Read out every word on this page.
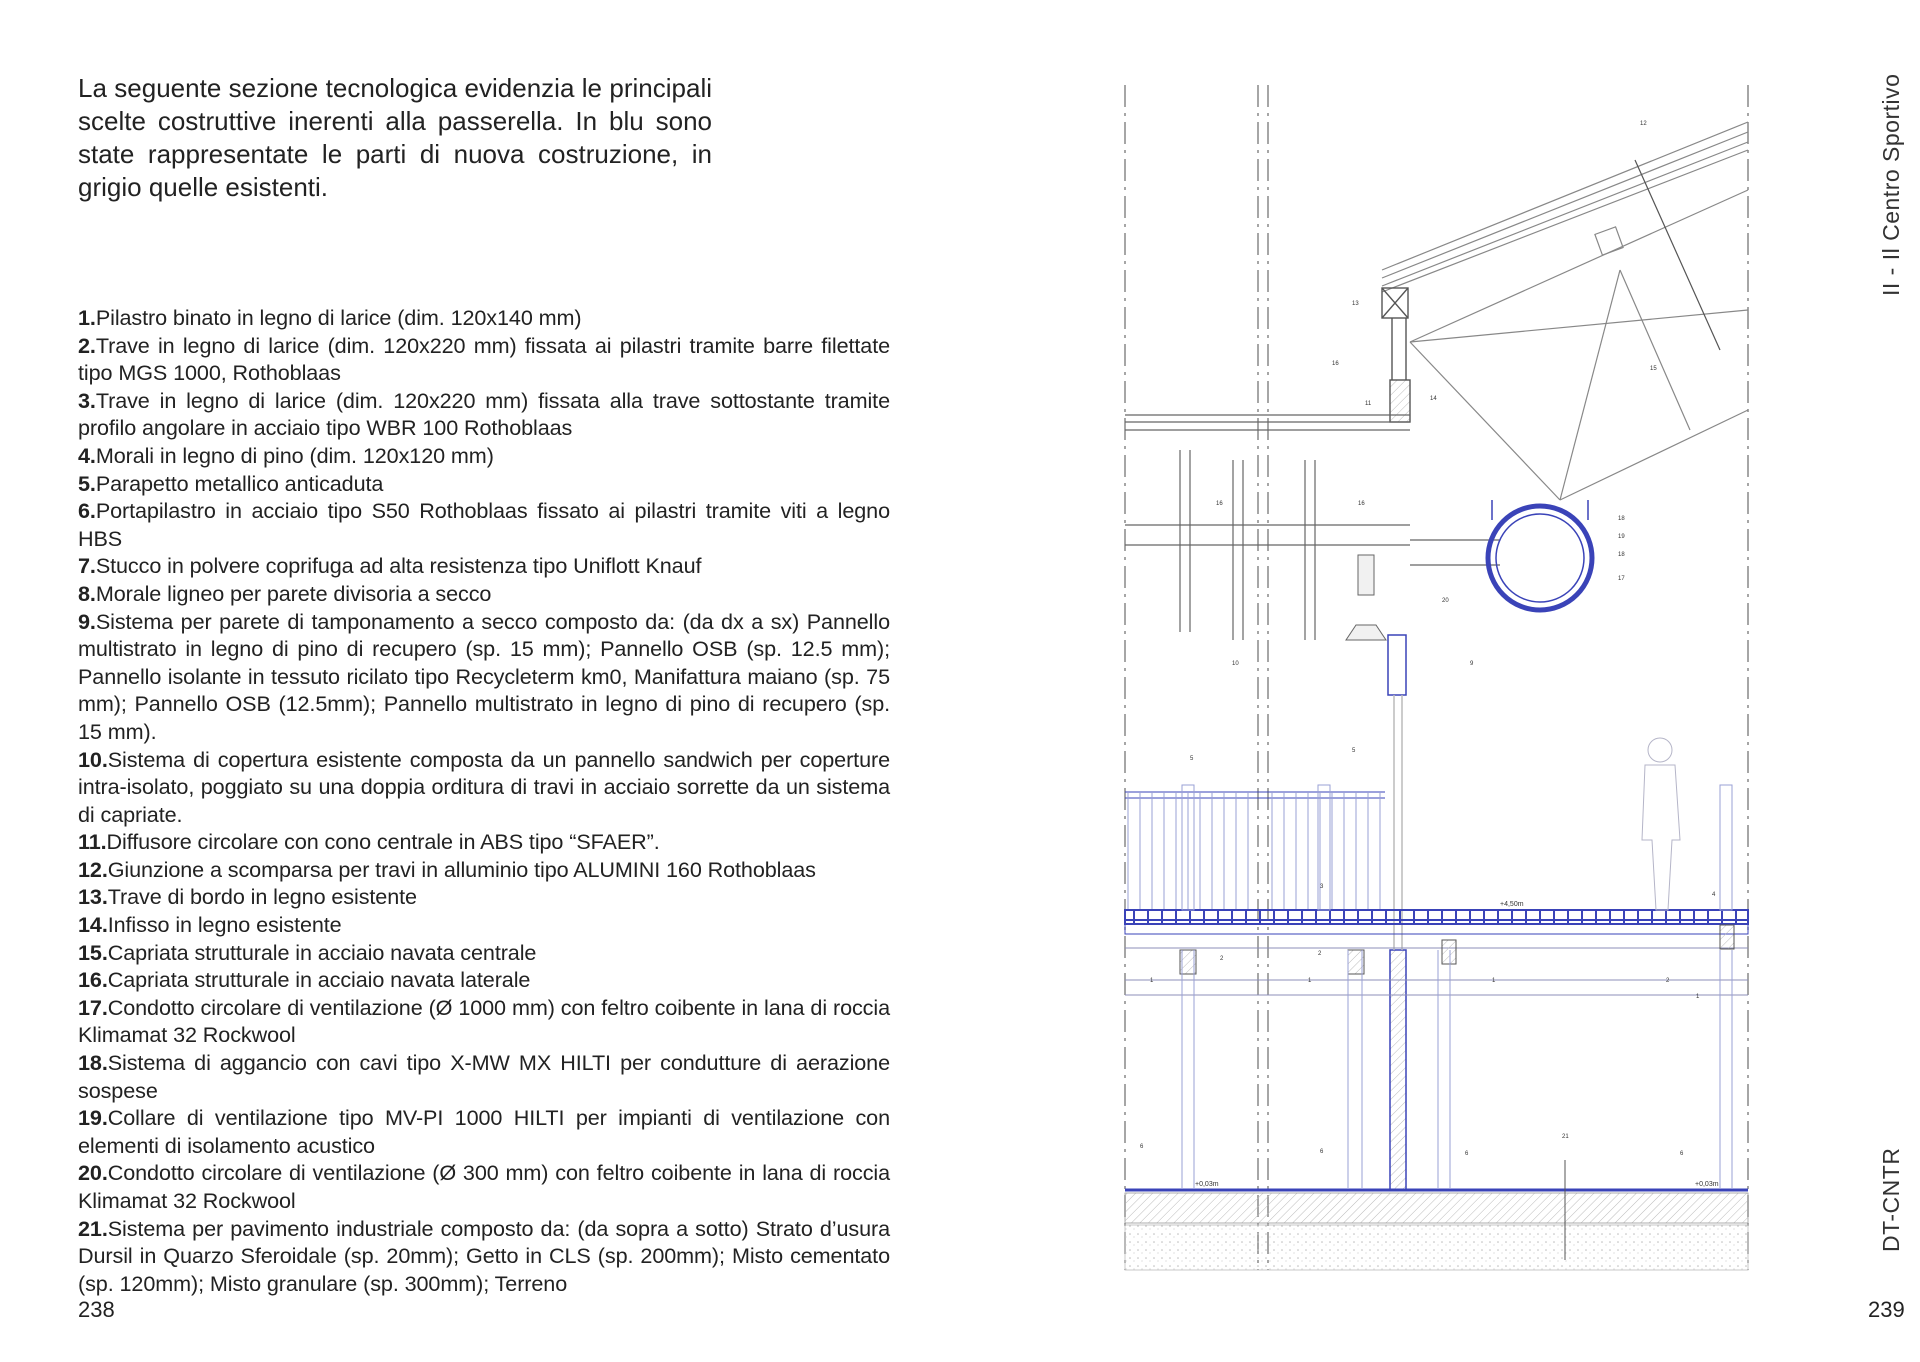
La seguente sezione tecnologica evidenzia le principali scelte costruttive inerenti alla passerella. In blu sono state rappresentate le parti di nuova costruzione, in grigio quelle esistenti.

1.Pilastro binato in legno di larice (dim. 120x140 mm)
2.Trave in legno di larice (dim. 120x220 mm) fissata ai pilastri tramite barre filettate tipo MGS 1000, Rothoblaas
3.Trave in legno di larice (dim. 120x220 mm) fissata alla trave sottostante tramite profilo angolare in acciaio tipo WBR 100 Rothoblaas
4.Morali in legno di pino (dim. 120x120 mm)
5.Parapetto metallico anticaduta
6.Portapilastro in acciaio tipo S50 Rothoblaas fissato ai pilastri tramite viti a legno HBS
7.Stucco in polvere coprifuga ad alta resistenza tipo Uniflott Knauf
8.Morale ligneo per parete divisoria a secco
9.Sistema per parete di tamponamento a secco composto da: (da dx a sx) Pannello multistrato in legno di pino di recupero (sp. 15 mm); Pannello OSB (sp. 12.5 mm); Pannello isolante in tessuto ricilato tipo Recycleterm km0, Manifattura maiano (sp. 75 mm); Pannello OSB (12.5mm); Pannello multistrato in legno di pino di recupero (sp. 15 mm).
10.Sistema di copertura esistente composta da un pannello sandwich per coperture intra-isolato, poggiato su una doppia orditura di travi in acciaio sorrette da un sistema di capriate.
11.Diffusore circolare con cono centrale in ABS tipo “SFAER”.
12.Giunzione a scomparsa per travi in alluminio tipo ALUMINI 160 Rothoblaas
13.Trave di bordo in legno esistente
14.Infisso in legno esistente
15.Capriata strutturale in acciaio navata centrale
16.Capriata strutturale in acciaio navata laterale
17.Condotto circolare di ventilazione (Ø 1000 mm) con feltro coibente in lana di roccia Klimamat 32 Rockwool
18.Sistema di aggancio con cavi tipo X-MW MX HILTI per condutture di aerazione sospese
19.Collare di ventilazione tipo MV-PI 1000 HILTI per impianti di ventilazione con elementi di isolamento acustico
20.Condotto circolare di ventilazione (Ø 300 mm) con feltro coibente in lana di roccia Klimamat 32 Rockwool
21.Sistema per pavimento industriale composto da: (da sopra a sotto) Strato d’usura Dursil in Quarzo Sferoidale (sp. 20mm); Getto in CLS (sp. 200mm); Misto cementato (sp. 120mm); Misto granulare (sp. 300mm); Terreno
238	239
II - Il Centro Sportivo
DT-CNTR
+4,50m
+0,03m	+0,03m
12
13
11
14
15
16
16	16
18
19
18
17
20
10	9
5
5
3
4
2
2
1	1	1	2
1
6
6	6	6
21
